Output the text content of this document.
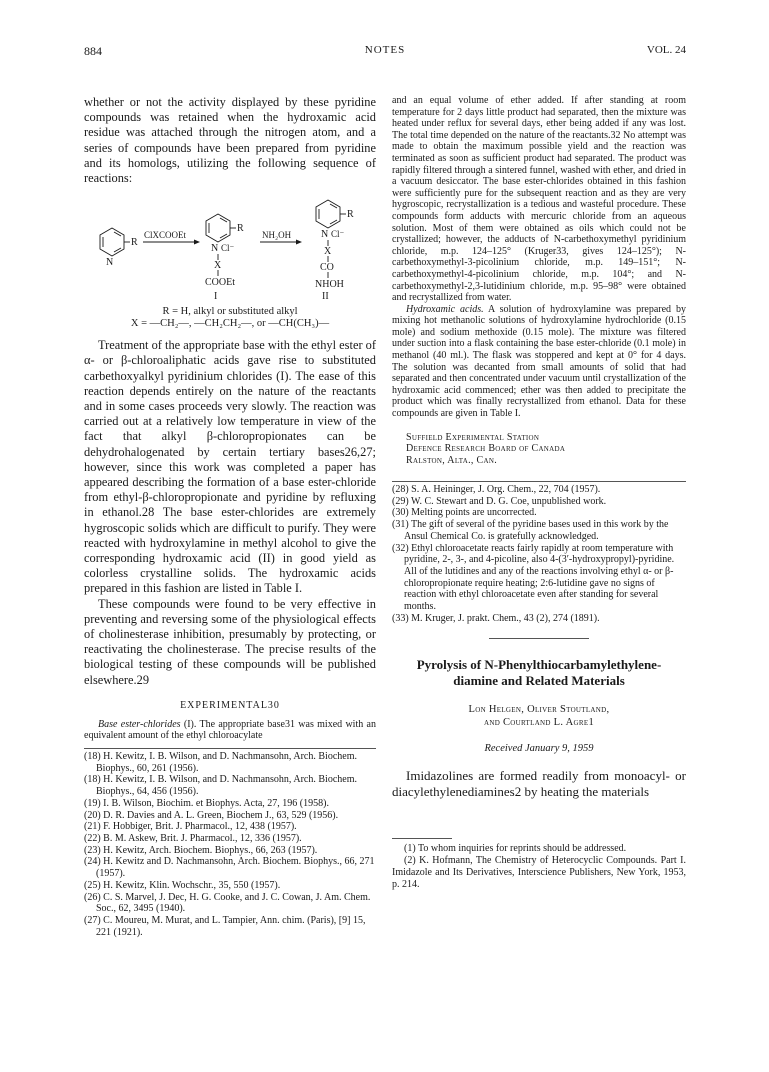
884	NOTES	VOL. 24

whether or not the activity displayed by these pyridine compounds was retained when the hydroxamic acid residue was attached through the nitrogen atom, and a series of compounds have been prepared from pyridine and its homologs, utilizing the following sequence of reactions:

R
N
ClXCOOEt
R
N Cl⁻
X
COOEt
I
NH₂OH
R
N Cl⁻
X
CO
NHOH
II
R = H, alkyl or substituted alkyl
X = —CH₂—, —CH₂CH₂—, or —CH(CH₃)—

Treatment of the appropriate base with the ethyl ester of α- or β-chloroaliphatic acids gave rise to substituted carbethoxyalkyl pyridinium chlorides (I). The ease of this reaction depends entirely on the nature of the reactants and in some cases proceeds very slowly. The reaction was carried out at a relatively low temperature in view of the fact that alkyl β-chloropropionates can be dehydrohalogenated by certain tertiary bases26,27; however, since this work was completed a paper has appeared describing the formation of a base ester-chloride from ethyl-β-chloropropionate and pyridine by refluxing in ethanol.28 The base ester-chlorides are extremely hygroscopic solids which are difficult to purify. They were reacted with hydroxylamine in methyl alcohol to give the corresponding hydroxamic acid (II) in good yield as colorless crystalline solids. The hydroxamic acids prepared in this fashion are listed in Table I.

These compounds were found to be very effective in preventing and reversing some of the physiological effects of cholinesterase inhibition, presumably by protecting, or reactivating the cholinesterase. The precise results of the biological testing of these compounds will be published elsewhere.29

EXPERIMENTAL30

Base ester-chlorides (I). The appropriate base31 was mixed with an equivalent amount of the ethyl chloroacylate

(18) H. Kewitz, I. B. Wilson, and D. Nachmansohn, Arch. Biochem. Biophys., 60, 261 (1956).

(18) H. Kewitz, I. B. Wilson, and D. Nachmansohn, Arch. Biochem. Biophys., 64, 456 (1956).

(19) I. B. Wilson, Biochim. et Biophys. Acta, 27, 196 (1958).

(20) D. R. Davies and A. L. Green, Biochem J., 63, 529 (1956).

(21) F. Hobbiger, Brit. J. Pharmacol., 12, 438 (1957).

(22) B. M. Askew, Brit. J. Pharmacol., 12, 336 (1957).

(23) H. Kewitz, Arch. Biochem. Biophys., 66, 263 (1957).

(24) H. Kewitz and D. Nachmansohn, Arch. Biochem. Biophys., 66, 271 (1957).

(25) H. Kewitz, Klin. Wochschr., 35, 550 (1957).

(26) C. S. Marvel, J. Dec, H. G. Cooke, and J. C. Cowan, J. Am. Chem. Soc., 62, 3495 (1940).

(27) C. Moureu, M. Murat, and L. Tampier, Ann. chim. (Paris), [9] 15, 221 (1921).

and an equal volume of ether added. If after standing at room temperature for 2 days little product had separated, then the mixture was heated under reflux for several days, ether being added if any was lost. The total time depended on the nature of the reactants.32 No attempt was made to obtain the maximum possible yield and the reaction was terminated as soon as sufficient product had separated. The product was rapidly filtered through a sintered funnel, washed with ether, and dried in a vacuum desiccator. The base ester-chlorides obtained in this fashion were sufficiently pure for the subsequent reaction and as they are very hygroscopic, recrystallization is a tedious and wasteful procedure. These compounds form adducts with mercuric chloride from an aqueous solution. Most of them were obtained as oils which could not be crystallized; however, the adducts of N-carbethoxymethyl pyridinium chloride, m.p. 124–125° (Kruger33, gives 124–125°); N-carbethoxymethyl-3-picolinium chloride, m.p. 149–151°; N-carbethoxymethyl-4-picolinium chloride, m.p. 104°; and N-carbethoxymethyl-2,3-lutidinium chloride, m.p. 95–98° were obtained and recrystallized from water.

Hydroxamic acids. A solution of hydroxylamine was prepared by mixing hot methanolic solutions of hydroxylamine hydrochloride (0.15 mole) and sodium methoxide (0.15 mole). The mixture was filtered under suction into a flask containing the base ester-chloride (0.1 mole) in methanol (40 ml.). The flask was stoppered and kept at 0° for 4 days. The solution was decanted from small amounts of solid that had separated and then concentrated under vacuum until crystallization of the hydroxamic acid commenced; ether was then added to precipitate the product which was finally recrystallized from ethanol. Data for these compounds are given in Table I.

Suffield Experimental Station
Defence Research Board of Canada
Ralston, Alta., Can.

(28) S. A. Heininger, J. Org. Chem., 22, 704 (1957).

(29) W. C. Stewart and D. G. Coe, unpublished work.

(30) Melting points are uncorrected.

(31) The gift of several of the pyridine bases used in this work by the Ansul Chemical Co. is gratefully acknowledged.

(32) Ethyl chloroacetate reacts fairly rapidly at room temperature with pyridine, 2-, 3-, and 4-picoline, also 4-(3′-hydroxypropyl)-pyridine. All of the lutidines and any of the reactions involving ethyl α- or β-chloropropionate require heating; 2:6-lutidine gave no signs of reaction with ethyl chloroacetate even after standing for several months.

(33) M. Kruger, J. prakt. Chem., 43 (2), 274 (1891).

Pyrolysis of N-Phenylthiocarbamylethylene-
diamine and Related Materials
Lon Helgen, Oliver Stoutland,
and Courtland L. Agre1
Received January 9, 1959

Imidazolines are formed readily from monoacyl- or diacylethylenediamines2 by heating the materials

(1) To whom inquiries for reprints should be addressed.

(2) K. Hofmann, The Chemistry of Heterocyclic Compounds. Part I. Imidazole and Its Derivatives, Interscience Publishers, New York, 1953, p. 214.
